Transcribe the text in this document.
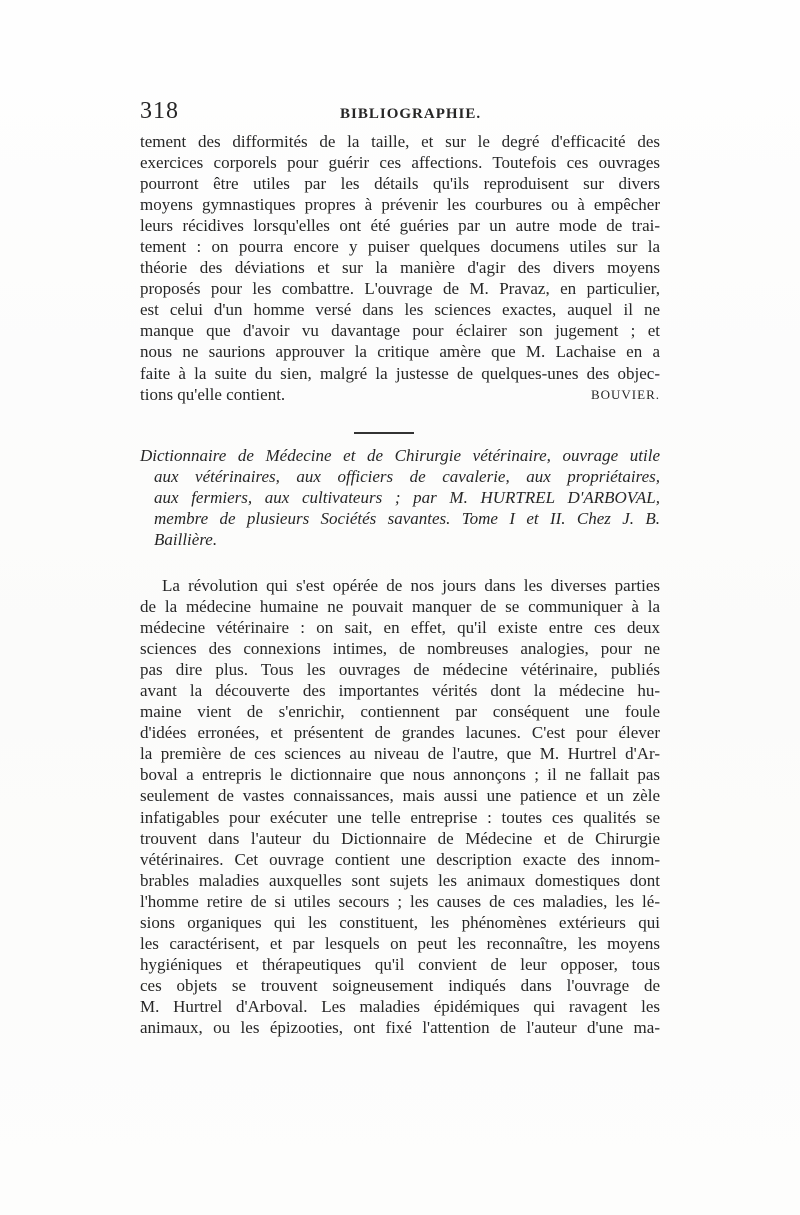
318	BIBLIOGRAPHIE.
tement des difformités de la taille, et sur le degré d'efficacité des
exercices corporels pour guérir ces affections. Toutefois ces ouvrages
pourront être utiles par les détails qu'ils reproduisent sur divers
moyens gymnastiques propres à prévenir les courbures ou à empêcher
leurs récidives lorsqu'elles ont été guéries par un autre mode de trai-
tement : on pourra encore y puiser quelques documens utiles sur la
théorie des déviations et sur la manière d'agir des divers moyens
proposés pour les combattre. L'ouvrage de M. Pravaz, en particulier,
est celui d'un homme versé dans les sciences exactes, auquel il ne
manque que d'avoir vu davantage pour éclairer son jugement ; et
nous ne saurions approuver la critique amère que M. Lachaise en a
faite à la suite du sien, malgré la justesse de quelques-unes des objec-
tions qu'elle contient.	BOUVIER.
Dictionnaire de Médecine et de Chirurgie vétérinaire, ouvrage utile
aux vétérinaires, aux officiers de cavalerie, aux propriétaires,
aux fermiers, aux cultivateurs ; par M. HURTREL D'ARBOVAL,
membre de plusieurs Sociétés savantes. Tome I et II. Chez J. B.
Baillière.
La révolution qui s'est opérée de nos jours dans les diverses parties
de la médecine humaine ne pouvait manquer de se communiquer à la
médecine vétérinaire : on sait, en effet, qu'il existe entre ces deux
sciences des connexions intimes, de nombreuses analogies, pour ne
pas dire plus. Tous les ouvrages de médecine vétérinaire, publiés
avant la découverte des importantes vérités dont la médecine hu-
maine vient de s'enrichir, contiennent par conséquent une foule
d'idées erronées, et présentent de grandes lacunes. C'est pour élever
la première de ces sciences au niveau de l'autre, que M. Hurtrel d'Ar-
boval a entrepris le dictionnaire que nous annonçons ; il ne fallait pas
seulement de vastes connaissances, mais aussi une patience et un zèle
infatigables pour exécuter une telle entreprise : toutes ces qualités se
trouvent dans l'auteur du Dictionnaire de Médecine et de Chirurgie
vétérinaires. Cet ouvrage contient une description exacte des innom-
brables maladies auxquelles sont sujets les animaux domestiques dont
l'homme retire de si utiles secours ; les causes de ces maladies, les lé-
sions organiques qui les constituent, les phénomènes extérieurs qui
les caractérisent, et par lesquels on peut les reconnaître, les moyens
hygiéniques et thérapeutiques qu'il convient de leur opposer, tous
ces objets se trouvent soigneusement indiqués dans l'ouvrage de
M. Hurtrel d'Arboval. Les maladies épidémiques qui ravagent les
animaux, ou les épizooties, ont fixé l'attention de l'auteur d'une ma-
